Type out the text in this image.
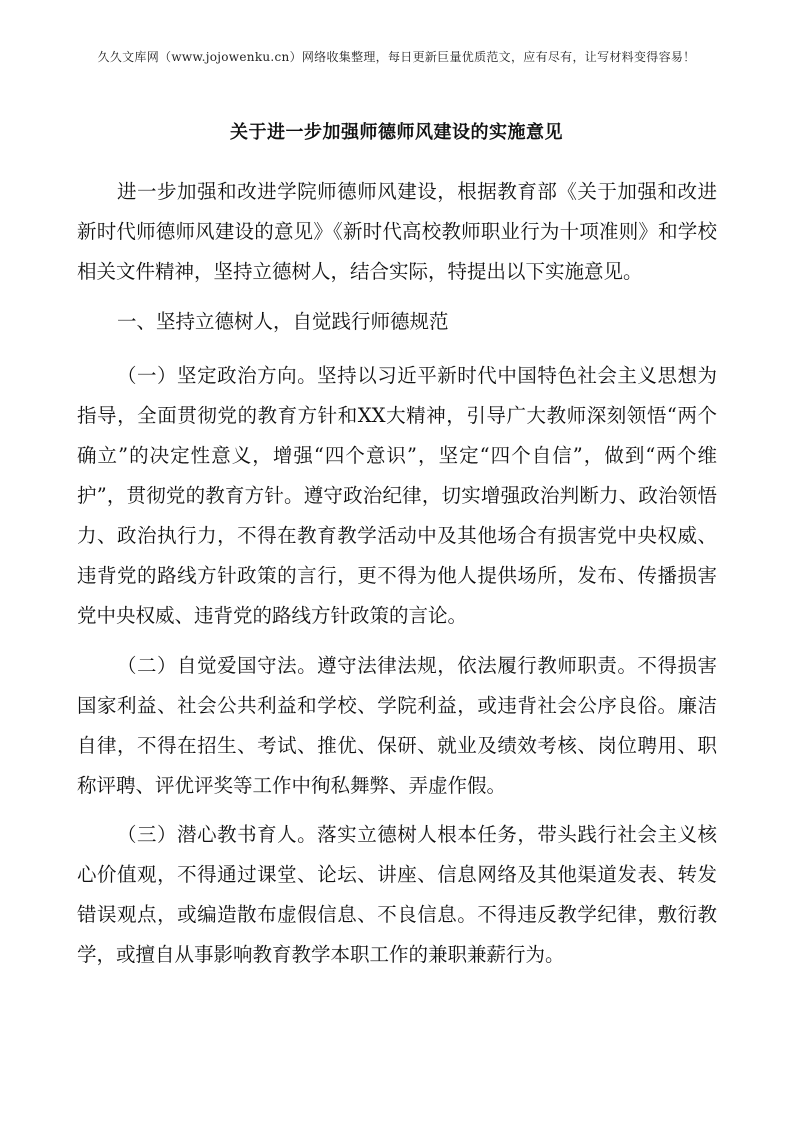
久久文库网（www.jojowenku.cn）网络收集整理，每日更新巨量优质范文，应有尽有，让写材料变得容易！
关于进一步加强师德师风建设的实施意见
进一步加强和改进学院师德师风建设，根据教育部《关于加强和改进新时代师德师风建设的意见》《新时代高校教师职业行为十项准则》和学校相关文件精神，坚持立德树人，结合实际，特提出以下实施意见。
一、坚持立德树人，自觉践行师德规范
（一）坚定政治方向。坚持以习近平新时代中国特色社会主义思想为指导，全面贯彻党的教育方针和XX大精神，引导广大教师深刻领悟“两个确立”的决定性意义，增强“四个意识”，坚定“四个自信”，做到“两个维护”，贯彻党的教育方针。遵守政治纪律，切实增强政治判断力、政治领悟力、政治执行力，不得在教育教学活动中及其他场合有损害党中央权威、违背党的路线方针政策的言行，更不得为他人提供场所，发布、传播损害党中央权威、违背党的路线方针政策的言论。
（二）自觉爱国守法。遵守法律法规，依法履行教师职责。不得损害国家利益、社会公共利益和学校、学院利益，或违背社会公序良俗。廉洁自律，不得在招生、考试、推优、保研、就业及绩效考核、岗位聘用、职称评聘、评优评奖等工作中徇私舞弊、弄虚作假。
（三）潜心教书育人。落实立德树人根本任务，带头践行社会主义核心价值观，不得通过课堂、论坛、讲座、信息网络及其他渠道发表、转发错误观点，或编造散布虚假信息、不良信息。不得违反教学纪律，敷衍教学，或擅自从事影响教育教学本职工作的兼职兼薪行为。
